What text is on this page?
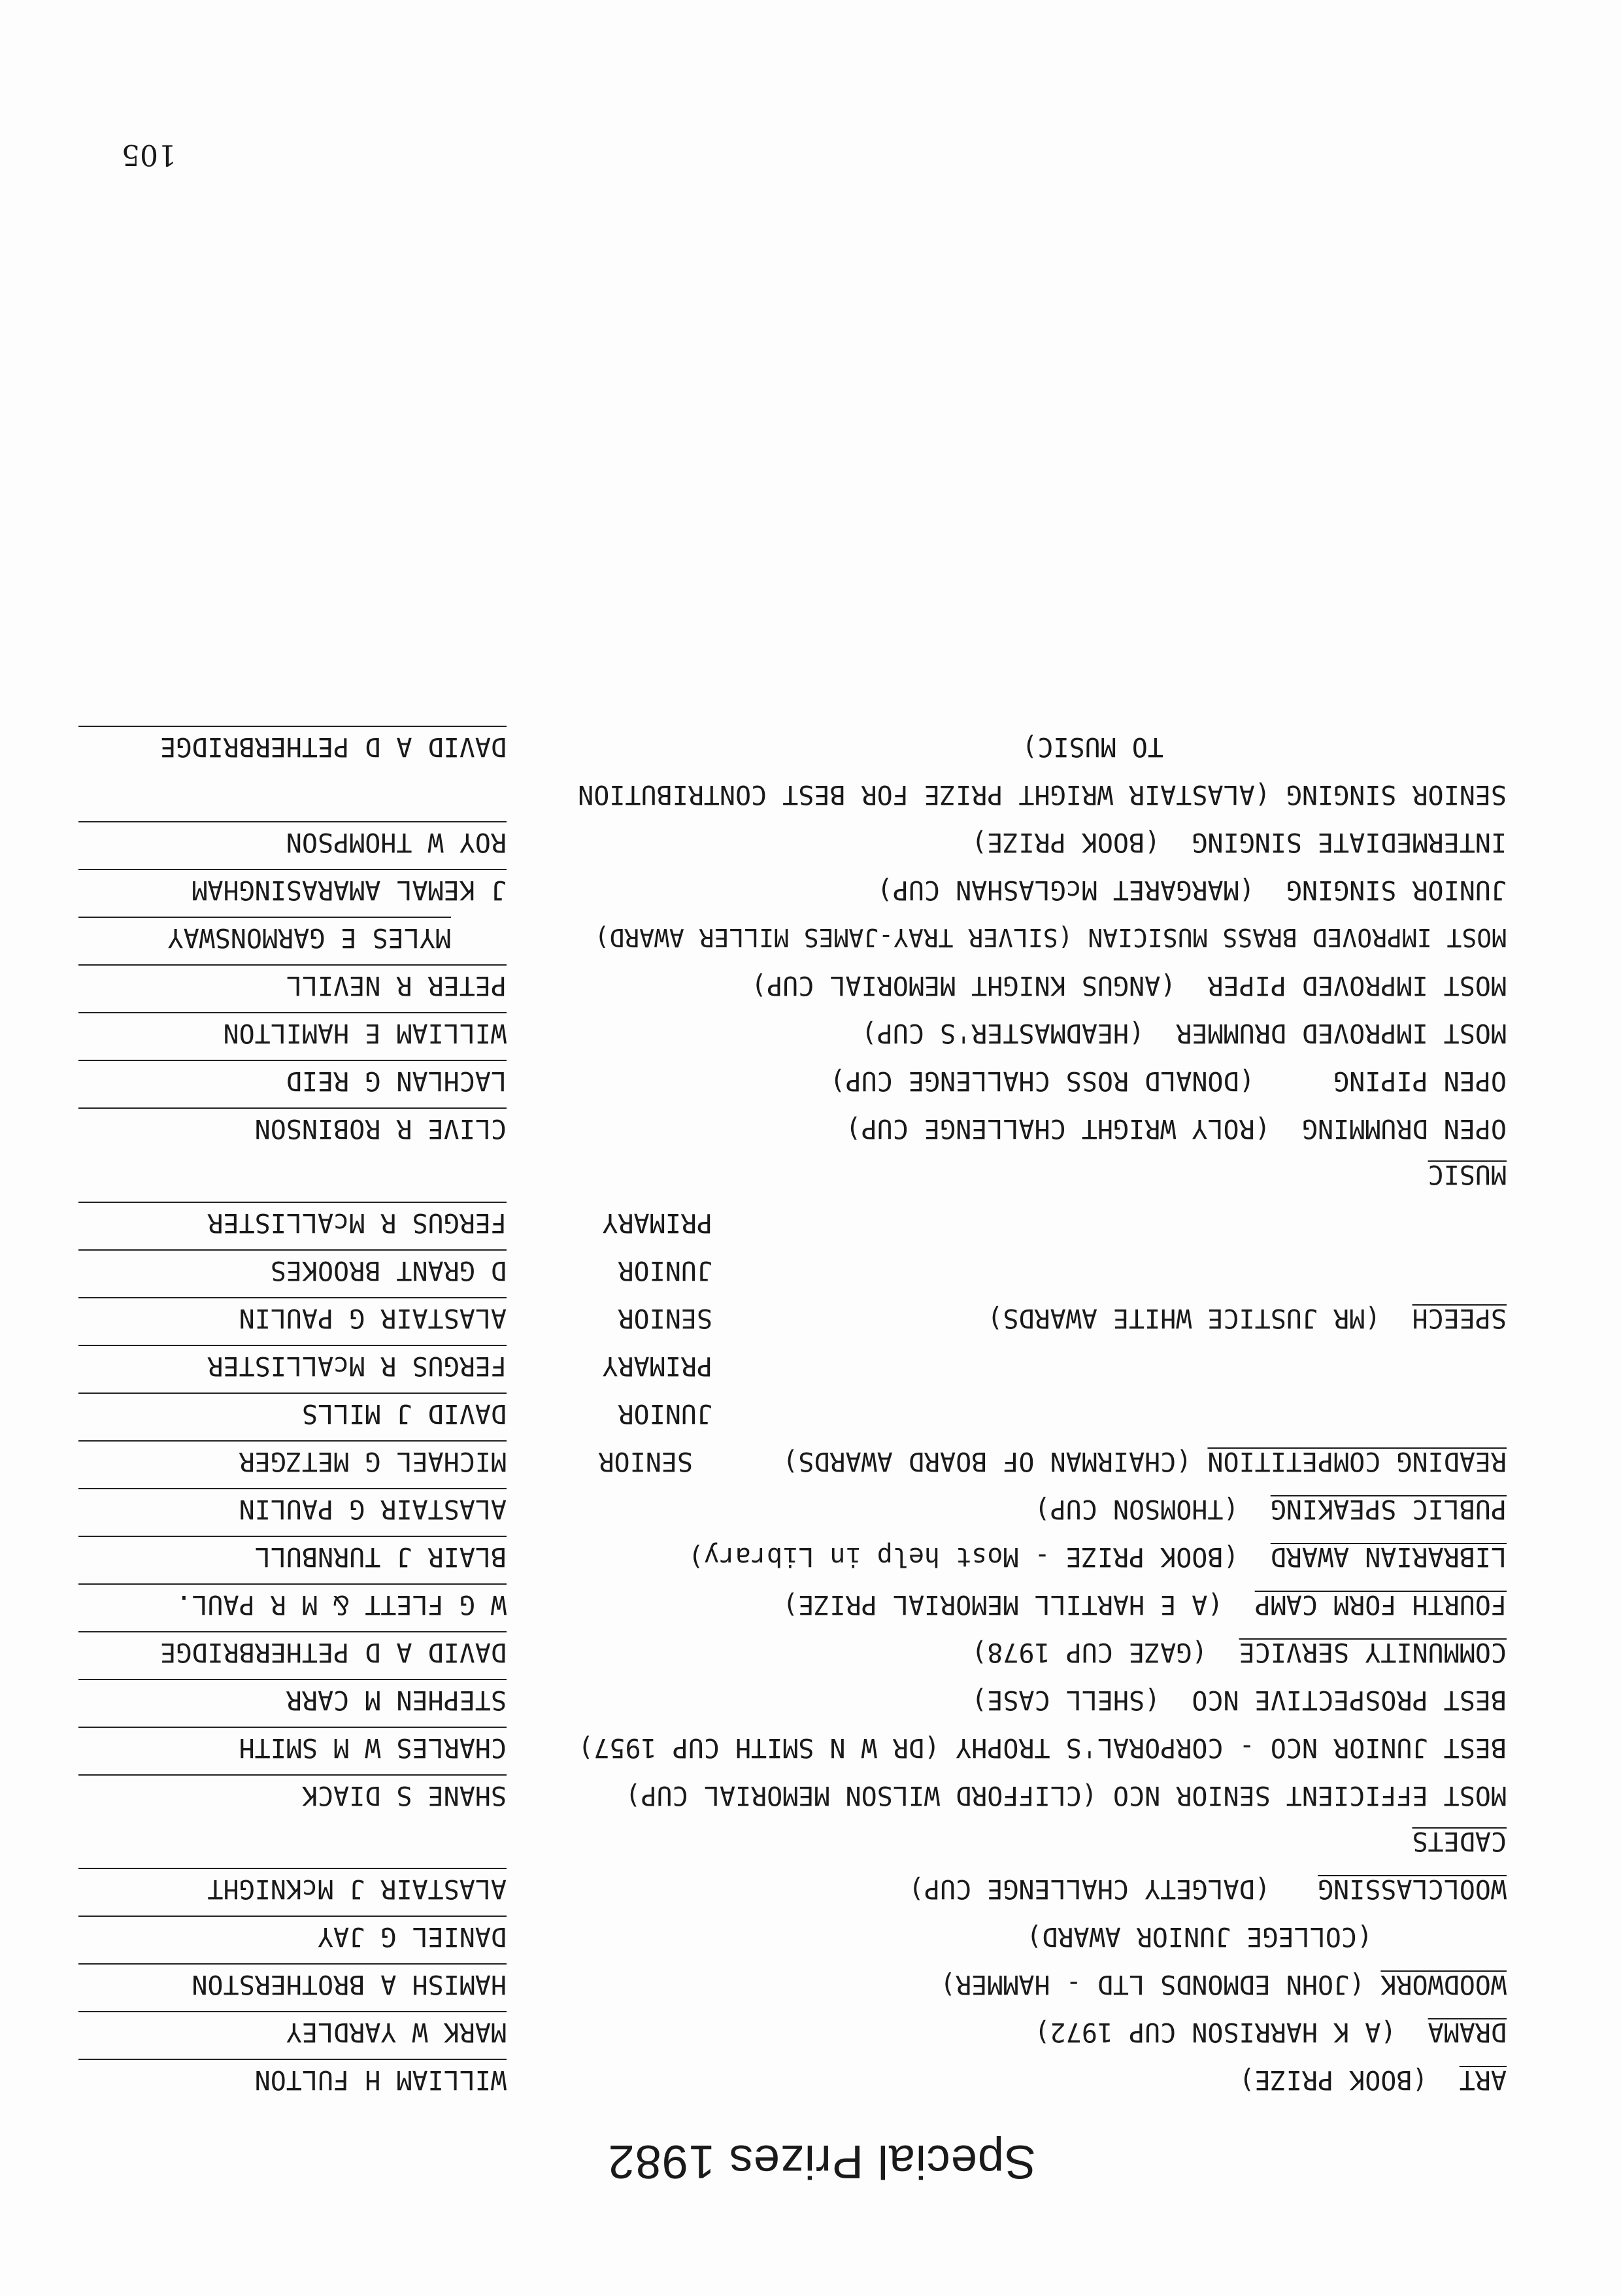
Special Prizes 1982
ART  (BOOK PRIZE)
WILLIAM H FULTON
DRAMA  (A K HARRISON CUP 1972)
MARK W YARDLEY
WOODWORK (JOHN EDMONDS LTD - HAMMER)
HAMISH A BROTHERSTON
(COLLEGE JUNIOR AWARD)
DANIEL G JAY
WOOLCLASSING   (DALGETY CHALLENGE CUP)
ALASTAIR J McKNIGHT
CADETS
MOST EFFICIENT SENIOR NCO (CLIFFORD WILSON MEMORIAL CUP)
SHANE S DIACK
BEST JUNIOR NCO - CORPORAL'S TROPHY (DR W N SMITH CUP 1957)
CHARLES W M SMITH
BEST PROSPECTIVE NCO  (SHELL CASE)
STEPHEN M CARR
COMMUNITY SERVICE  (GAZE CUP 1978)
DAVID A D PETHERBRIDGE
FOURTH FORM CAMP  (A E HARTILL MEMORIAL PRIZE)
W G FLETT & M R PAUL.
LIBRARIAN AWARD  (BOOK PRIZE - Most help in Library)
BLAIR J TURNBULL
PUBLIC SPEAKING  (THOMSON CUP)
ALASTAIR G PAULIN
READING COMPETITION (CHAIRMAN OF BOARD AWARDS)
SENIOR
MICHAEL G METZGER
JUNIOR
DAVID J MILLS
PRIMARY
FERGUS R McALLISTER
SPEECH  (MR JUSTICE WHITE AWARDS)
SENIOR
ALASTAIR G PAULIN
JUNIOR
D GRANT BROOKES
PRIMARY
FERGUS R McALLISTER
MUSIC
OPEN DRUMMING  (ROLY WRIGHT CHALLENGE CUP)
CLIVE R ROBINSON
OPEN PIPING     (DONALD ROSS CHALLENGE CUP)
LACHLAN G REID
MOST IMPROVED DRUMMER  (HEADMASTER'S CUP)
WILLIAM E HAMILTON
MOST IMPROVED PIPER  (ANGUS KNIGHT MEMORIAL CUP)
PETER R NEVILL
MOST IMPROVED BRASS MUSICIAN (SILVER TRAY-JAMES MILLER AWARD)
MYLES E GARMONSWAY
JUNIOR SINGING  (MARGARET McGLASHAN CUP)
J KEMAL AMARASINGHAM
INTERMEDIATE SINGING  (BOOK PRIZE)
ROY W THOMPSON
SENIOR SINGING (ALASTAIR WRIGHT PRIZE FOR BEST CONTRIBUTION
TO MUSIC)
DAVID A D PETHERBRIDGE
105
